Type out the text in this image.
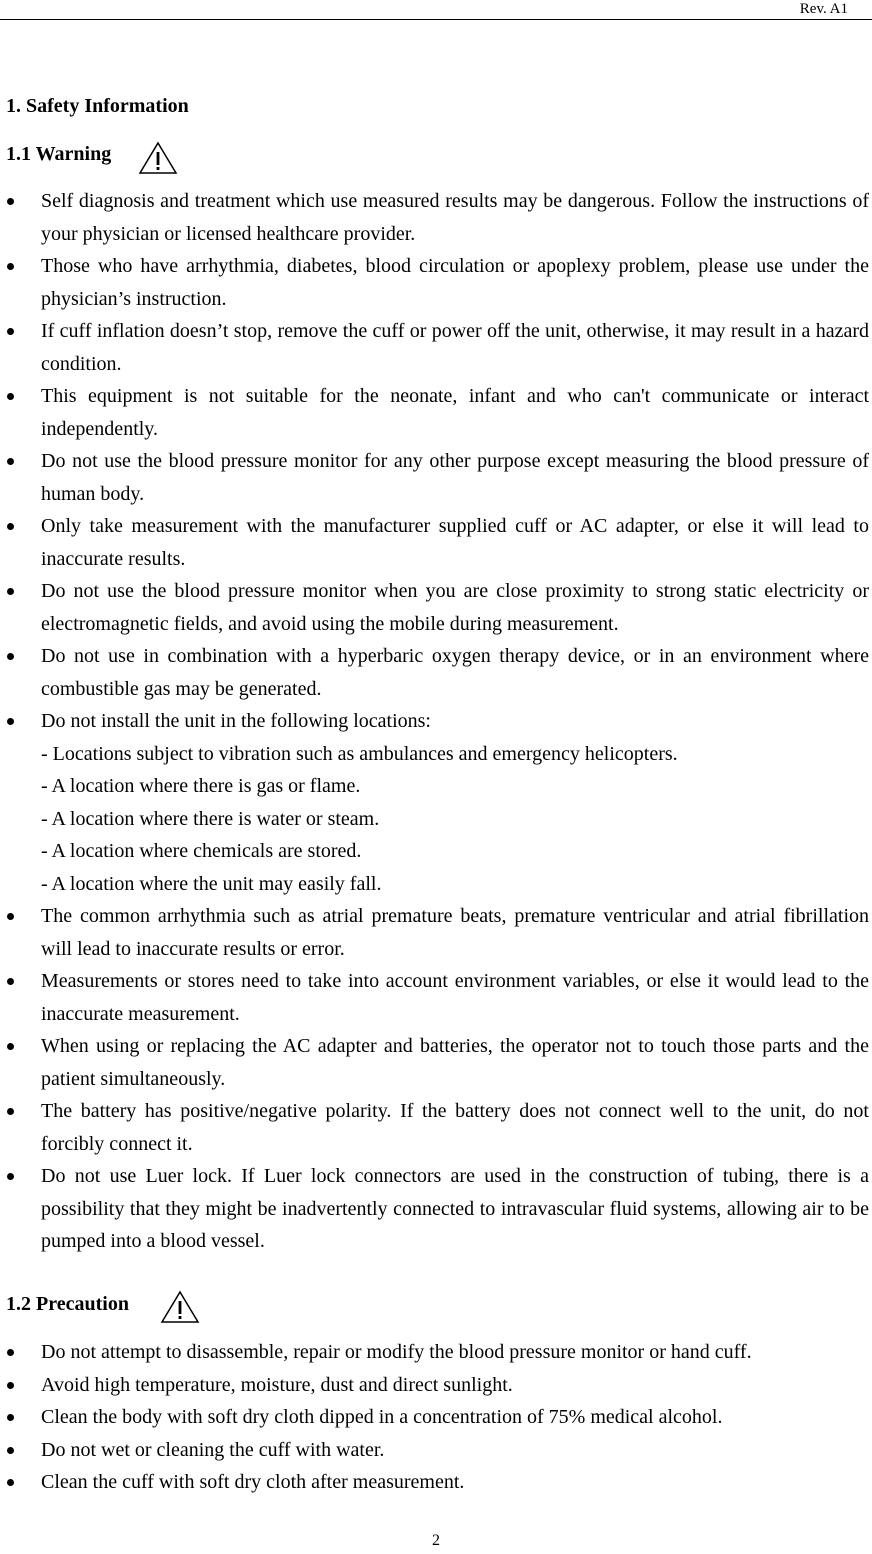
Rev. A1
1. Safety Information
1.1 Warning
Self diagnosis and treatment which use measured results may be dangerous. Follow the instructions of your physician or licensed healthcare provider.
Those who have arrhythmia, diabetes, blood circulation or apoplexy problem, please use under the physician’s instruction.
If cuff inflation doesn’t stop, remove the cuff or power off the unit, otherwise, it may result in a hazard condition.
This equipment is not suitable for the neonate, infant and who can't communicate or interact independently.
Do not use the blood pressure monitor for any other purpose except measuring the blood pressure of human body.
Only take measurement with the manufacturer supplied cuff or AC adapter, or else it will lead to inaccurate results.
Do not use the blood pressure monitor when you are close proximity to strong static electricity or electromagnetic fields, and avoid using the mobile during measurement.
Do not use in combination with a hyperbaric oxygen therapy device, or in an environment where combustible gas may be generated.
Do not install the unit in the following locations:
- Locations subject to vibration such as ambulances and emergency helicopters.
- A location where there is gas or flame.
- A location where there is water or steam.
- A location where chemicals are stored.
- A location where the unit may easily fall.
The common arrhythmia such as atrial premature beats, premature ventricular and atrial fibrillation will lead to inaccurate results or error.
Measurements or stores need to take into account environment variables, or else it would lead to the inaccurate measurement.
When using or replacing the AC adapter and batteries, the operator not to touch those parts and the patient simultaneously.
The battery has positive/negative polarity. If the battery does not connect well to the unit, do not forcibly connect it.
Do not use Luer lock. If Luer lock connectors are used in the construction of tubing, there is a possibility that they might be inadvertently connected to intravascular fluid systems, allowing air to be pumped into a blood vessel.
1.2 Precaution
Do not attempt to disassemble, repair or modify the blood pressure monitor or hand cuff.
Avoid high temperature, moisture, dust and direct sunlight.
Clean the body with soft dry cloth dipped in a concentration of 75% medical alcohol.
Do not wet or cleaning the cuff with water.
Clean the cuff with soft dry cloth after measurement.
2
